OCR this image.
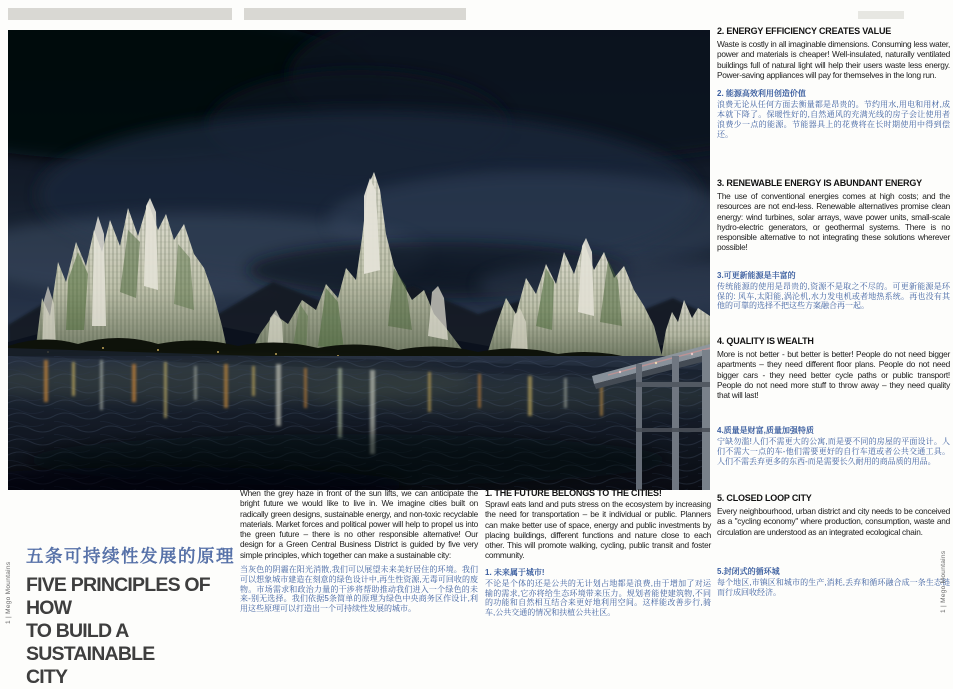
五条可持续性发展的原理
FIVE PRINCIPLES OF HOW
TO BUILD A SUSTAINABLE
CITY
When the grey haze in front of the sun lifts, we can anticipate the bright future we would like to live in. We imagine cities built on radically green designs, sustainable energy, and non-toxic recyclable materials. Market forces and political power will help to propel us into the green future – there is no other responsible alternative! Our design for a Green Central Business District is guided by five very simple principles, which together can make a sustainable city:
当灰色的阴霾在阳光消散,我们可以展望未来美好居住的环境。我们可以想象城市建造在刻意的绿色设计中,再生性资源,无毒可回收的废物。市场需求和政治力量的干涉将帮助推动我们进入一个绿色的未来-别无选择。我们依据5条简单的原理为绿色中央商务区作设计,利用这些原理可以打造出一个可持续性发展的城市。
1. THE FUTURE BELONGS TO THE CITIES!
Sprawl eats land and puts stress on the ecosystem by increasing the need for transportation – be it individual or public. Planners can make better use of space, energy and public investments by placing buildings, different functions and nature close to each other. This will promote walking, cycling, public transit and foster community.
1. 未来属于城市!
不论是个体的还是公共的无计划占地都是浪费,由于增加了对运输的需求,它亦将给生态环境带来压力。规划者能使建筑物,不同的功能和自然相互结合来更好地利用空间。这样能改善步行,骑车,公共交通的情况和扶植公共社区。
2. ENERGY EFFICIENCY CREATES VALUE
Waste is costly in all imaginable dimensions. Consuming less water, power and materials is cheaper! Well-insulated, naturally ventilated buildings full of natural light will help their users waste less energy. Power-saving appliances will pay for themselves in the long run.
2. 能源高效利用创造价值
浪费无论从任何方面去衡量都是昂贵的。节约用水,用电和用材,成本就下降了。保暖性好的,自然通风的充满光线的房子会让使用者浪费少一点的能源。节能器具上的花费将在长时期使用中得到偿还。
3. RENEWABLE ENERGY IS ABUNDANT ENERGY
The use of conventional energies comes at high costs; and the resources are not end-less. Renewable alternatives promise clean energy: wind turbines, solar arrays, wave power units, small-scale hydro-electric generators, or geothermal systems. There is no responsible alternative to not integrating these solutions wherever possible!
3.可更新能源是丰富的
传统能源的使用是昂贵的,资源不是取之不尽的。可更新能源是环保的: 风车,太阳能,涡沦机,水力发电机或者地热系统。再也没有其他的可靠的选择不把这些方案融合再一起。
4. QUALITY IS WEALTH
More is not better - but better is better! People do not need bigger apartments – they need different floor plans. People do not need bigger cars - they need better cycle paths or public transport! People do not need more stuff to throw away – they need quality that will last!
4.质量是财富,质量加强特质
宁缺勿滥!人们不需更大的公寓,而是要不同的房屋的平面设计。人们不需大一点的车-他们需要更好的自行车道或者公共交通工具。人们不需丢弃更多的东西-而是需要长久耐用的商品质的用品。
5. CLOSED LOOP CITY
Every neighbourhood, urban district and city needs to be conceived as a "cycling economy" where production, consumption, waste and circulation are understood as an integrated ecological chain.
5.封闭式的循环城
每个地区,市镇区和城市的生产,消耗,丢弃和循环融合成一条生态链而行成回收经济。
1 | Mego Mountains	1 | Mego Mountains
